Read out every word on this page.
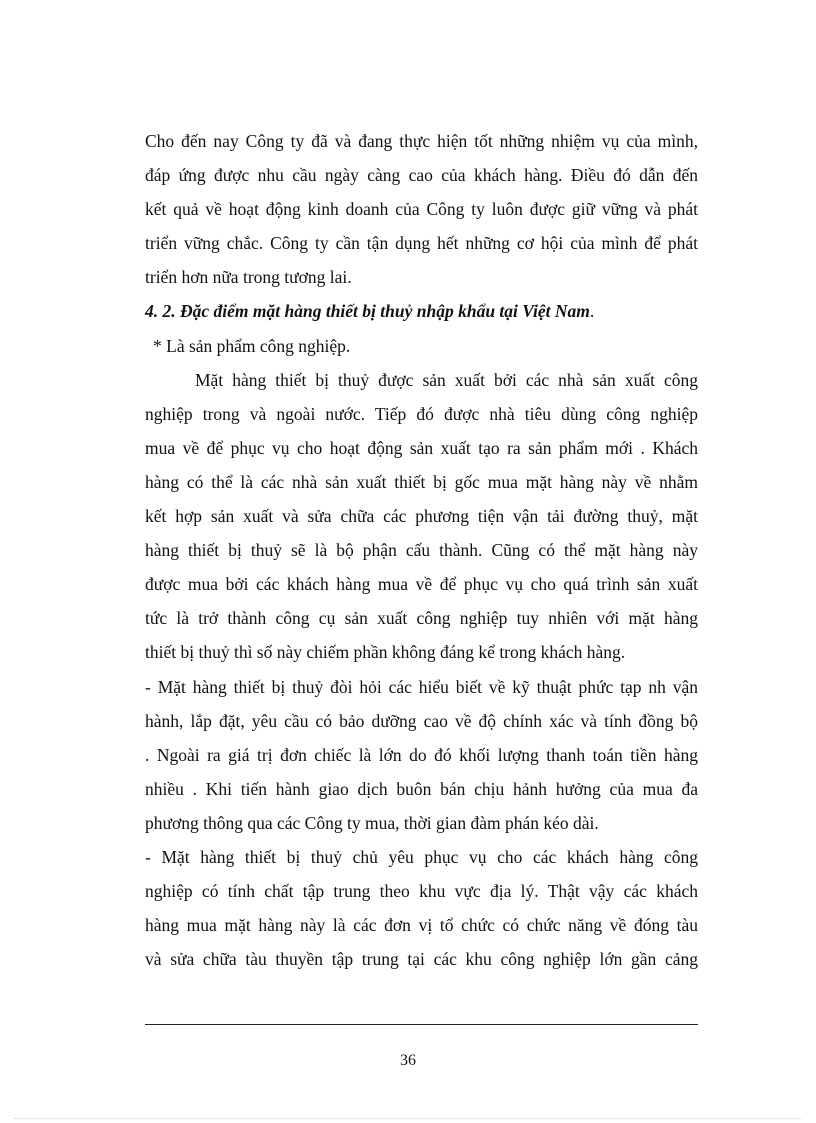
Cho đến nay Công ty đã và đang thực hiện tốt những nhiệm vụ của mình,
đáp ứng được nhu cầu ngày càng cao của khách hàng. Điều đó dẫn đến
kết quả về hoạt động kinh doanh của Công ty luôn được giữ vững và phát
triển vững chắc. Công ty cần tận dụng hết những cơ hội của mình để phát
triển hơn nữa trong tương lai.
4. 2. Đặc điểm mặt hàng thiết bị thuỷ nhập khẩu tại Việt Nam.
* Là sản phẩm công nghiệp.
Mặt hàng thiết bị thuỷ được sản xuất bởi các nhà sản xuất công
nghiệp trong và ngoài nước. Tiếp đó được nhà tiêu dùng công nghiệp
mua về để phục vụ cho hoạt động sản xuất tạo ra sản phẩm mới . Khách
hàng có thể là các nhà sản xuất thiết bị gốc mua mặt hàng này về nhằm
kết hợp sản xuất và sửa chữa các phương tiện vận tải đường thuỷ, mặt
hàng thiết bị thuỷ sẽ là bộ phận cấu thành. Cũng có thể mặt hàng này
được mua bởi các khách hàng mua về để phục vụ cho quá trình sản xuất
tức là trở thành công cụ sản xuất công nghiệp tuy nhiên với mặt hàng
thiết bị thuỷ thì số này chiếm phần không đáng kể trong khách hàng.
- Mặt hàng thiết bị thuỷ đòi hỏi các hiểu biết về kỹ thuật phức tạp nh vận
hành, lắp đặt, yêu cầu có bảo dưỡng cao về độ chính xác và tính đồng bộ
. Ngoài ra giá trị đơn chiếc là lớn do đó khối lượng thanh toán tiền hàng
nhiều . Khi tiến hành giao dịch buôn bán chịu hảnh hưởng của mua đa
phương thông qua các Công ty mua, thời gian đàm phán kéo dài.
- Mặt hàng thiết bị thuỷ chủ yêu phục vụ cho các khách hàng công
nghiệp có tính chất tập trung theo khu vực địa lý. Thật vậy các khách
hàng mua mặt hàng này là các đơn vị tổ chức có chức năng về đóng tàu
và sửa chữa tàu thuyền tập trung tại các khu công nghiệp lớn gần cảng
36
